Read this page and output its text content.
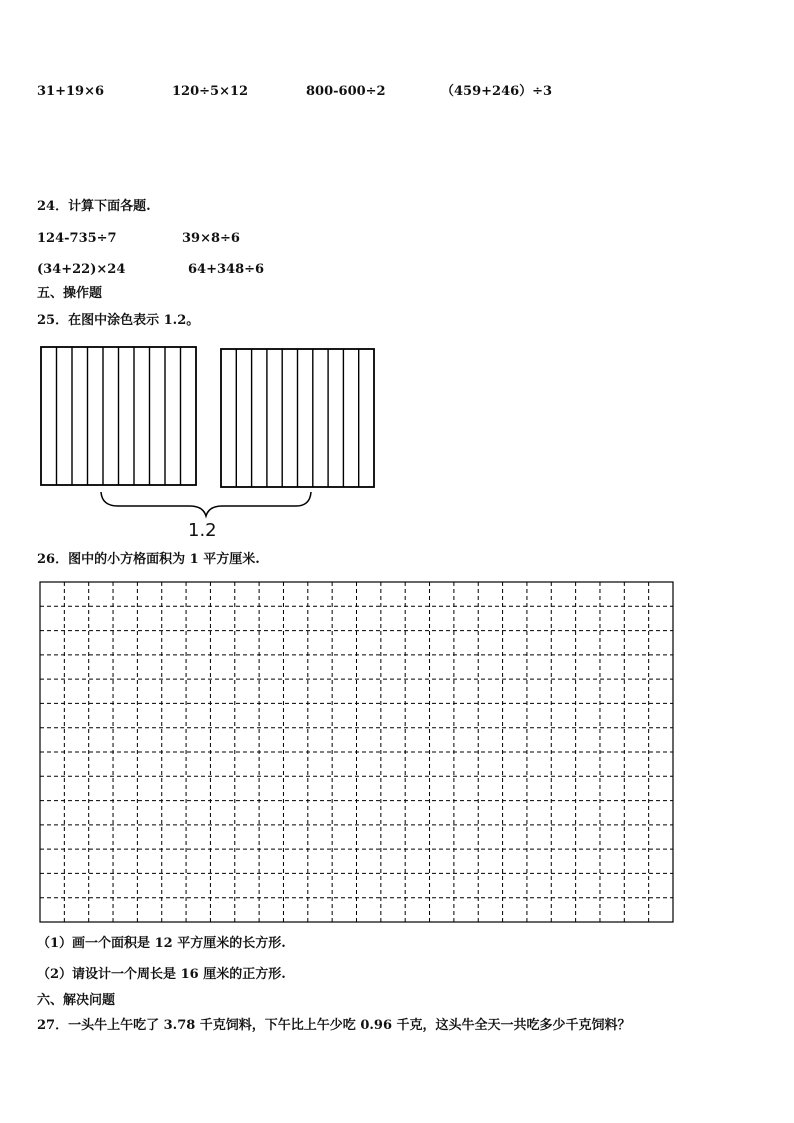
31+19×6	120÷5×12	800-600÷2	（459+246）÷3
24．计算下面各题.
124-735÷7	39×8÷6
(34+22)×24	64+348÷6
五、操作题
25．在图中涂色表示 1.2。
1.2
26．图中的小方格面积为 1 平方厘米.
（1）画一个面积是 12 平方厘米的长方形.
（2）请设计一个周长是 16 厘米的正方形.
六、解决问题
27．一头牛上午吃了 3.78 千克饲料，下午比上午少吃 0.96 千克，这头牛全天一共吃多少千克饲料？
